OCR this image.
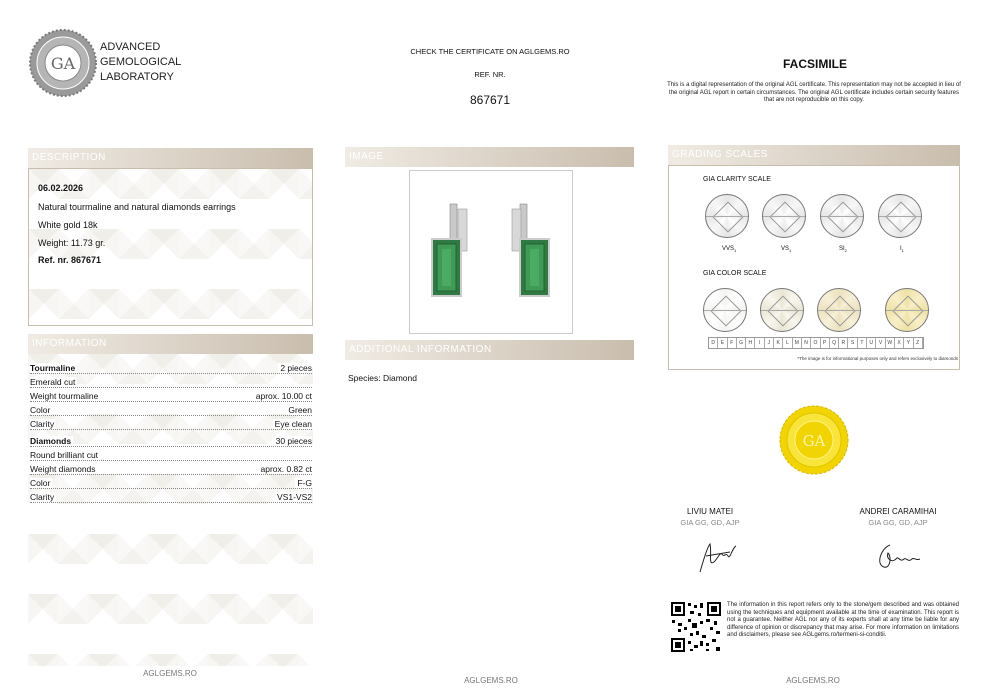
GA
ADVANCED
GEMOLOGICAL
LABORATORY
CHECK THE CERTIFICATE ON AGLGEMS.RO
REF. NR.
867671
FACSIMILE
This is a digital representation of the original AGL certificate. This representation may not be accepted in lieu of the original AGL report in certain circumstances. The original AGL certificate includes certain security features that are not reproducible on this copy.
DESCRIPTION
06.02.2026
Natural tourmaline and natural diamonds earrings
White gold 18k
Weight: 11.73 gr.
Ref. nr. 867671
INFORMATION
Tourmaline	2 pieces
Emerald cut
Weight tourmaline	aprox. 10.00 ct
Color	Green
Clarity	Eye clean
Diamonds	30 pieces
Round brilliant cut
Weight diamonds	aprox. 0.82 ct
Color	F-G
Clarity	VS1-VS2
IMAGE
ADDITIONAL INFORMATION
Species: Diamond
GRADING SCALES
GIA CLARITY SCALE
$VVS_1$	$VS_1$	$SI_2$	$I_1$
GIA COLOR SCALE
D	E	F	G	H	I	J	K	L	M	N	O	P	Q	R	S	T	U	V	W	X	Y	Z
*The image is for informational purposes only and refers exclusively to diamonds
GA
LIVIU MATEI
GIA GG, GD, AJP
ANDREI CARAMIHAI
GIA GG, GD, AJP
The information in this report refers only to the stone/gem described and was obtained using the techniques and equipment available at the time of examination. This report is not a guarantee. Neither AGL nor any of its experts shall at any time be liable for any difference of opinion or discrepancy that may arise. For more information on limitations and disclaimers, please see AGLgems.ro/termeni-si-conditii.
AGLGEMS.RO
AGLGEMS.RO	AGLGEMS.RO
